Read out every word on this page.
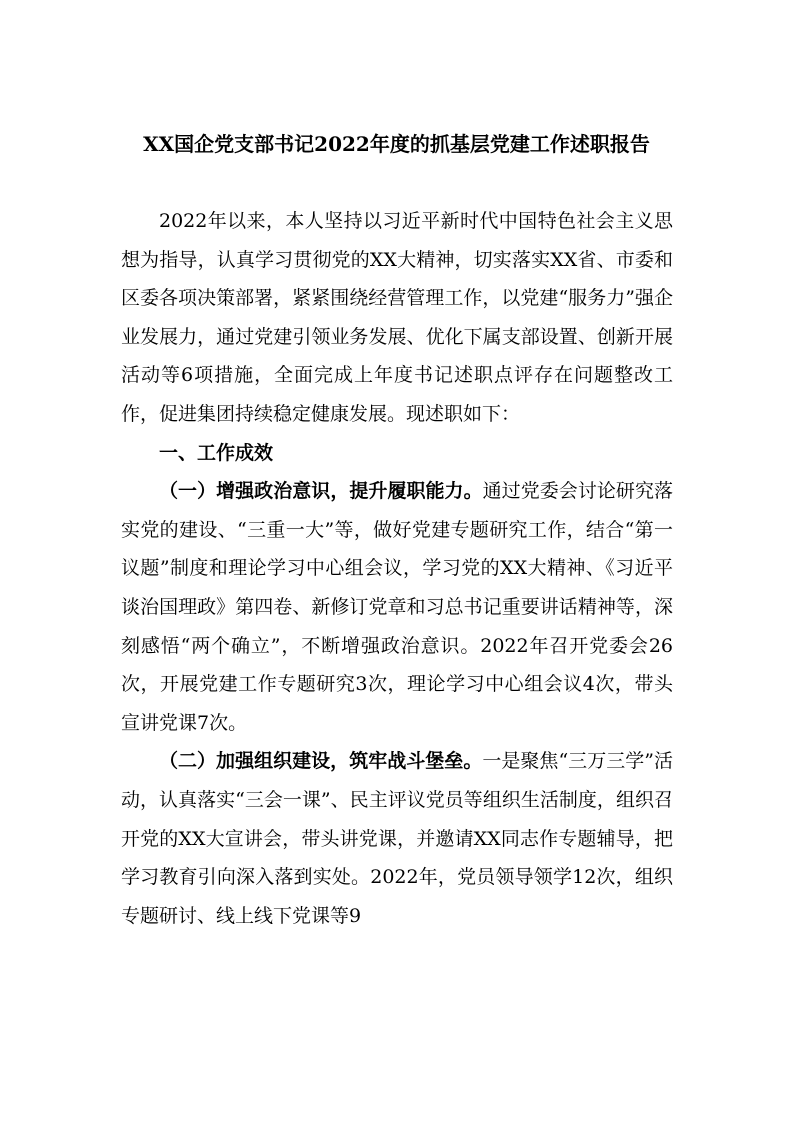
XX国企党支部书记2022年度的抓基层党建工作述职报告

2022年以来，本人坚持以习近平新时代中国特色社会主义思想为指导，认真学习贯彻党的XX大精神，切实落实XX省、市委和区委各项决策部署，紧紧围绕经营管理工作，以党建“服务力”强企业发展力，通过党建引领业务发展、优化下属支部设置、创新开展活动等6项措施，全面完成上年度书记述职点评存在问题整改工作，促进集团持续稳定健康发展。现述职如下：

一、工作成效

（一）增强政治意识，提升履职能力。通过党委会讨论研究落实党的建设、“三重一大”等，做好党建专题研究工作，结合“第一议题”制度和理论学习中心组会议，学习党的XX大精神、《习近平谈治国理政》第四卷、新修订党章和习总书记重要讲话精神等，深刻感悟“两个确立”，不断增强政治意识。2022年召开党委会26次，开展党建工作专题研究3次，理论学习中心组会议4次，带头宣讲党课7次。

（二）加强组织建设，筑牢战斗堡垒。一是聚焦“三万三学”活动，认真落实“三会一课”、民主评议党员等组织生活制度，组织召开党的XX大宣讲会，带头讲党课，并邀请XX同志作专题辅导，把学习教育引向深入落到实处。2022年，党员领导领学12次，组织专题研讨、线上线下党课等9
